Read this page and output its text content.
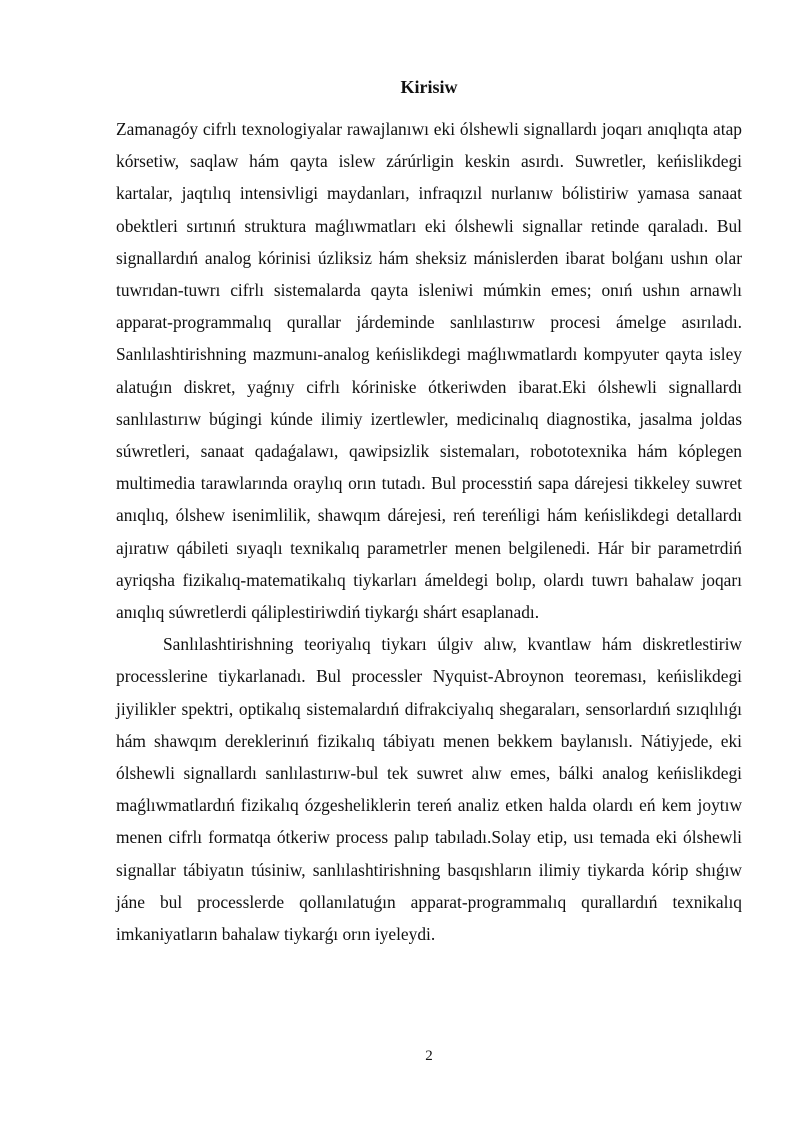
Kirisiw

Zamanagóy cifrlı texnologiyalar rawajlanıwı eki ólshewli signallardı joqarı anıqlıqta atap kórsetiw, saqlaw hám qayta islew zárúrligin keskin asırdı. Suwretler, keńislikdegi kartalar, jaqtılıq intensivligi maydanları, infraqızıl nurlanıw bólistiriw yamasa sanaat obektleri sırtınıń struktura maǵlıwmatları eki ólshewli signallar retinde qaraladı. Bul signallardıń analog kórinisi úzliksiz hám sheksiz mánislerden ibarat bolǵanı ushın olar tuwrıdan-tuwrı cifrlı sistemalarda qayta isleniwi múmkin emes; onıń ushın arnawlı apparat-programmalıq qurallar járdeminde sanlılastırıw procesi ámelge asırıladı. Sanlılashtirishning mazmunı-analog keńislikdegi maǵlıwmatlardı kompyuter qayta isley alatuǵın diskret, yaǵnıy cifrlı kóriniske ótkeriwden ibarat.Eki ólshewli signallardı sanlılastırıw búgingi kúnde ilimiy izertlewler, medicinalıq diagnostika, jasalma joldas súwretleri, sanaat qadaǵalawı, qawipsizlik sistemaları, robototexnika hám kóplegen multimedia tarawlarında oraylıq orın tutadı. Bul processtiń sapa dárejesi tikkeley suwret anıqlıq, ólshew isenimlilik, shawqım dárejesi, reń tereńligi hám keńislikdegi detallardı ajıratıw qábileti sıyaqlı texnikalıq parametrler menen belgilenedi. Hár bir parametrdiń ayriqsha fizikalıq-matematikalıq tiykarları ámeldegi bolıp, olardı tuwrı bahalaw joqarı anıqlıq súwretlerdi qáliplestiriwdiń tiykarǵı shárt esaplanadı.

Sanlılashtirishning teoriyalıq tiykarı úlgiv alıw, kvantlaw hám diskretlestiriw processlerine tiykarlanadı. Bul processler Nyquist-Abroynon teoreması, keńislikdegi jiyilikler spektri, optikalıq sistemalardıń difrakciyalıq shegaraları, sensorlardıń sızıqlılıǵı hám shawqım dereklerinıń fizikalıq tábiyatı menen bekkem baylanıslı. Nátiyjede, eki ólshewli signallardı sanlılastırıw-bul tek suwret alıw emes, bálki analog keńislikdegi maǵlıwmatlardıń fizikalıq ózgesheliklerin tereń analiz etken halda olardı eń kem joytıw menen cifrlı formatqa ótkeriw process palıp tabıladı.Solay etip, usı temada eki ólshewli signallar tábiyatın túsiniw, sanlılashtirishning basqıshların ilimiy tiykarda kórip shıǵıw jáne bul processlerde qollanılatuǵın apparat-programmalıq qurallardıń texnikalıq imkaniyatların bahalaw tiykarǵı orın iyeleydi.

2
